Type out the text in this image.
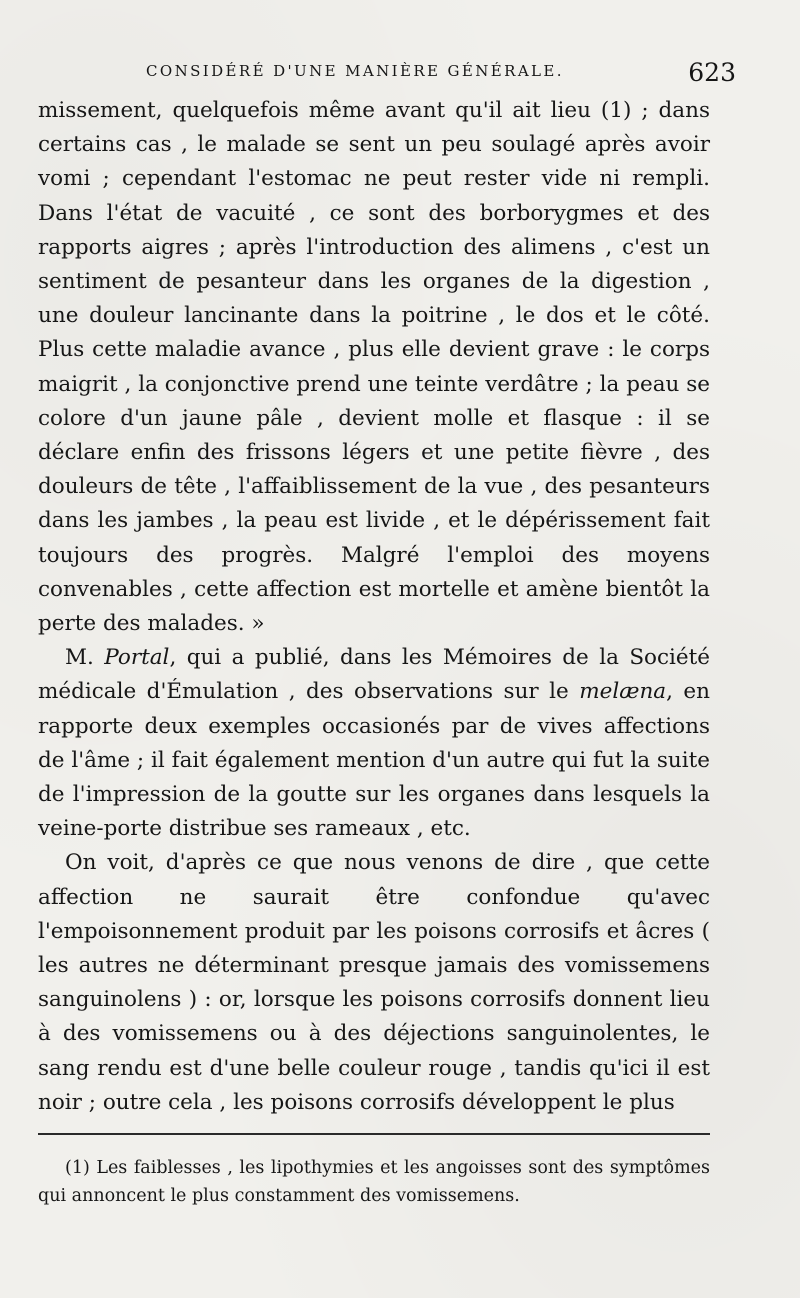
CONSIDÉRÉ D'UNE MANIÈRE GÉNÉRALE.	623

missement, quelquefois même avant qu'il ait lieu (1) ; dans certains cas , le malade se sent un peu soulagé après avoir vomi ; cependant l'estomac ne peut rester vide ni rempli. Dans l'état de vacuité , ce sont des borborygmes et des rapports aigres ; après l'introduction des alimens , c'est un sentiment de pesanteur dans les organes de la digestion , une douleur lancinante dans la poitrine , le dos et le côté. Plus cette maladie avance , plus elle devient grave : le corps maigrit , la conjonctive prend une teinte verdâtre ; la peau se colore d'un jaune pâle , devient molle et flasque : il se déclare enfin des frissons légers et une petite fièvre , des douleurs de tête , l'affaiblissement de la vue , des pesanteurs dans les jambes , la peau est livide , et le dépérissement fait toujours des progrès. Malgré l'emploi des moyens convenables , cette affection est mortelle et amène bientôt la perte des malades. »

M. Portal, qui a publié, dans les Mémoires de la Société médicale d'Émulation , des observations sur le melæna, en rapporte deux exemples occasionés par de vives affections de l'âme ; il fait également mention d'un autre qui fut la suite de l'impression de la goutte sur les organes dans lesquels la veine-porte distribue ses rameaux , etc.

On voit, d'après ce que nous venons de dire , que cette affection ne saurait être confondue qu'avec l'empoisonnement produit par les poisons corrosifs et âcres ( les autres ne déterminant presque jamais des vomissemens sanguinolens ) : or, lorsque les poisons corrosifs donnent lieu à des vomissemens ou à des déjections sanguinolentes, le sang rendu est d'une belle couleur rouge , tandis qu'ici il est noir ; outre cela , les poisons corrosifs développent le plus

(1) Les faiblesses , les lipothymies et les angoisses sont des symptômes qui annoncent le plus constamment des vomissemens.
